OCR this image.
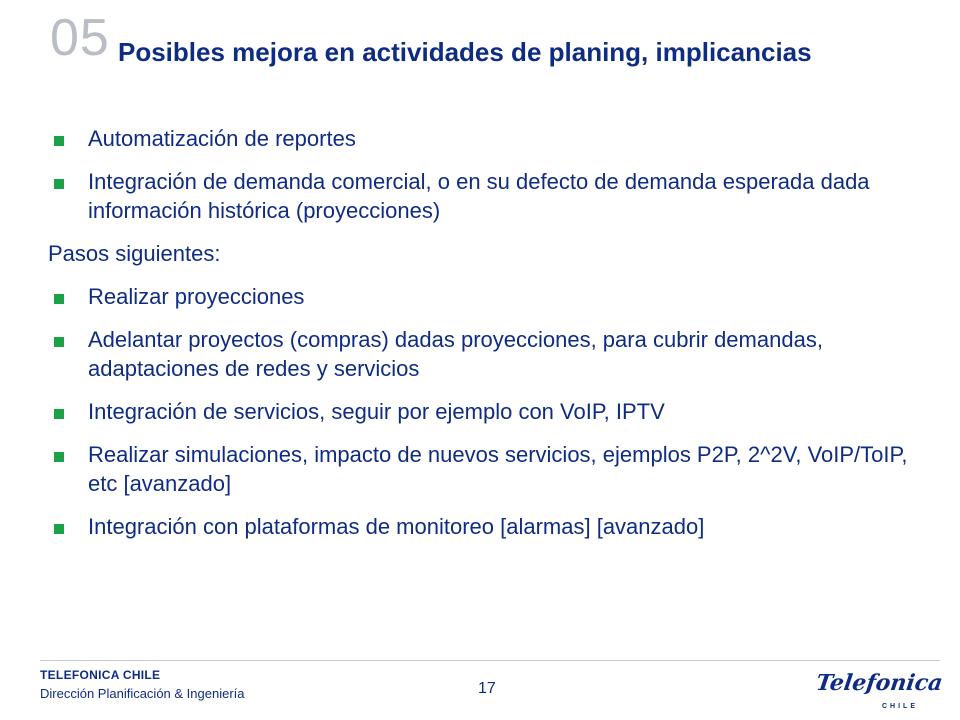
05 Posibles mejora en actividades de planing, implicancias
Automatización de reportes
Integración de demanda comercial, o en su defecto de demanda esperada dada información histórica (proyecciones)
Pasos siguientes:
Realizar proyecciones
Adelantar proyectos (compras) dadas proyecciones, para cubrir demandas, adaptaciones de redes y servicios
Integración de servicios, seguir por ejemplo con VoIP, IPTV
Realizar simulaciones, impacto de nuevos servicios, ejemplos P2P, 2^2V, VoIP/ToIP, etc [avanzado]
Integración con plataformas de monitoreo [alarmas] [avanzado]
TELEFONICA CHILE
Dirección Planificación & Ingeniería	17	Telefonica
CHILE
